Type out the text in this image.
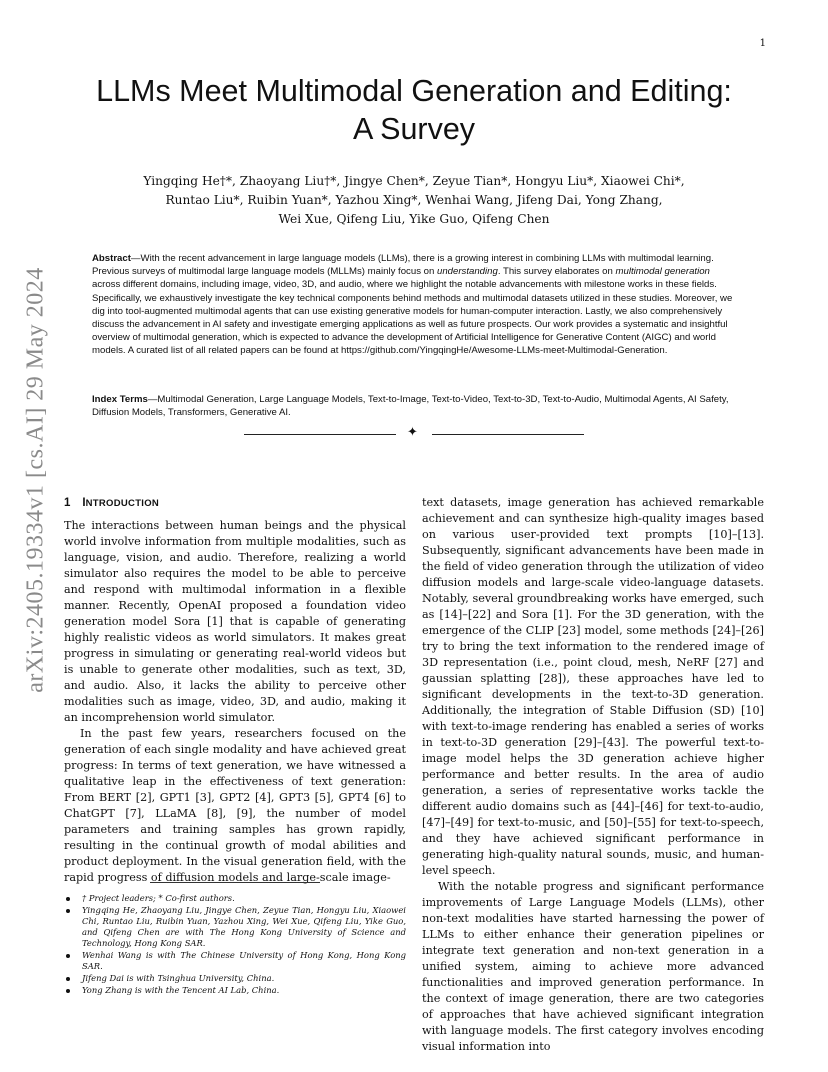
1
arXiv:2405.19334v1 [cs.AI] 29 May 2024
LLMs Meet Multimodal Generation and Editing:
A Survey
Yingqing He†*, Zhaoyang Liu†*, Jingye Chen*, Zeyue Tian*, Hongyu Liu*, Xiaowei Chi*,
Runtao Liu*, Ruibin Yuan*, Yazhou Xing*, Wenhai Wang, Jifeng Dai, Yong Zhang,
Wei Xue, Qifeng Liu, Yike Guo, Qifeng Chen
Abstract—With the recent advancement in large language models (LLMs), there is a growing interest in combining LLMs with multimodal learning. Previous surveys of multimodal large language models (MLLMs) mainly focus on understanding. This survey elaborates on multimodal generation across different domains, including image, video, 3D, and audio, where we highlight the notable advancements with milestone works in these fields. Specifically, we exhaustively investigate the key technical components behind methods and multimodal datasets utilized in these studies. Moreover, we dig into tool-augmented multimodal agents that can use existing generative models for human-computer interaction. Lastly, we also comprehensively discuss the advancement in AI safety and investigate emerging applications as well as future prospects. Our work provides a systematic and insightful overview of multimodal generation, which is expected to advance the development of Artificial Intelligence for Generative Content (AIGC) and world models. A curated list of all related papers can be found at https://github.com/YingqingHe/Awesome-LLMs-meet-Multimodal-Generation.
Index Terms—Multimodal Generation, Large Language Models, Text-to-Image, Text-to-Video, Text-to-3D, Text-to-Audio, Multimodal Agents, AI Safety, Diffusion Models, Transformers, Generative AI.
✦
1 INTRODUCTION

The interactions between human beings and the physical world involve information from multiple modalities, such as language, vision, and audio. Therefore, realizing a world simulator also requires the model to be able to perceive and respond with multimodal information in a flexible manner. Recently, OpenAI proposed a foundation video generation model Sora [1] that is capable of generating highly realistic videos as world simulators. It makes great progress in simulating or generating real-world videos but is unable to generate other modalities, such as text, 3D, and audio. Also, it lacks the ability to perceive other modalities such as image, video, 3D, and audio, making it an incomprehension world simulator.

In the past few years, researchers focused on the generation of each single modality and have achieved great progress: In terms of text generation, we have witnessed a qualitative leap in the effectiveness of text generation: From BERT [2], GPT1 [3], GPT2 [4], GPT3 [5], GPT4 [6] to ChatGPT [7], LLaMA [8], [9], the number of model parameters and training samples has grown rapidly, resulting in the continual growth of modal abilities and product deployment. In the visual generation field, with the rapid progress of diffusion models and large-scale image-

text datasets, image generation has achieved remarkable achievement and can synthesize high-quality images based on various user-provided text prompts [10]–[13]. Subsequently, significant advancements have been made in the field of video generation through the utilization of video diffusion models and large-scale video-language datasets. Notably, several groundbreaking works have emerged, such as [14]–[22] and Sora [1]. For the 3D generation, with the emergence of the CLIP [23] model, some methods [24]–[26] try to bring the text information to the rendered image of 3D representation (i.e., point cloud, mesh, NeRF [27] and gaussian splatting [28]), these approaches have led to significant developments in the text-to-3D generation. Additionally, the integration of Stable Diffusion (SD) [10] with text-to-image rendering has enabled a series of works in text-to-3D generation [29]–[43]. The powerful text-to-image model helps the 3D generation achieve higher performance and better results. In the area of audio generation, a series of representative works tackle the different audio domains such as [44]–[46] for text-to-audio, [47]–[49] for text-to-music, and [50]–[55] for text-to-speech, and they have achieved significant performance in generating high-quality natural sounds, music, and human-level speech.

With the notable progress and significant performance improvements of Large Language Models (LLMs), other non-text modalities have started harnessing the power of LLMs to either enhance their generation pipelines or integrate text generation and non-text generation in a unified system, aiming to achieve more advanced functionalities and improved generation performance. In the context of image generation, there are two categories of approaches that have achieved significant integration with language models. The first category involves encoding visual information into

† Project leaders; * Co-first authors.
Yingqing He, Zhaoyang Liu, Jingye Chen, Zeyue Tian, Hongyu Liu, Xiaowei Chi, Runtao Liu, Ruibin Yuan, Yazhou Xing, Wei Xue, Qifeng Liu, Yike Guo, and Qifeng Chen are with The Hong Kong University of Science and Technology, Hong Kong SAR.
Wenhai Wang is with The Chinese University of Hong Kong, Hong Kong SAR.
Jifeng Dai is with Tsinghua University, China.
Yong Zhang is with the Tencent AI Lab, China.
